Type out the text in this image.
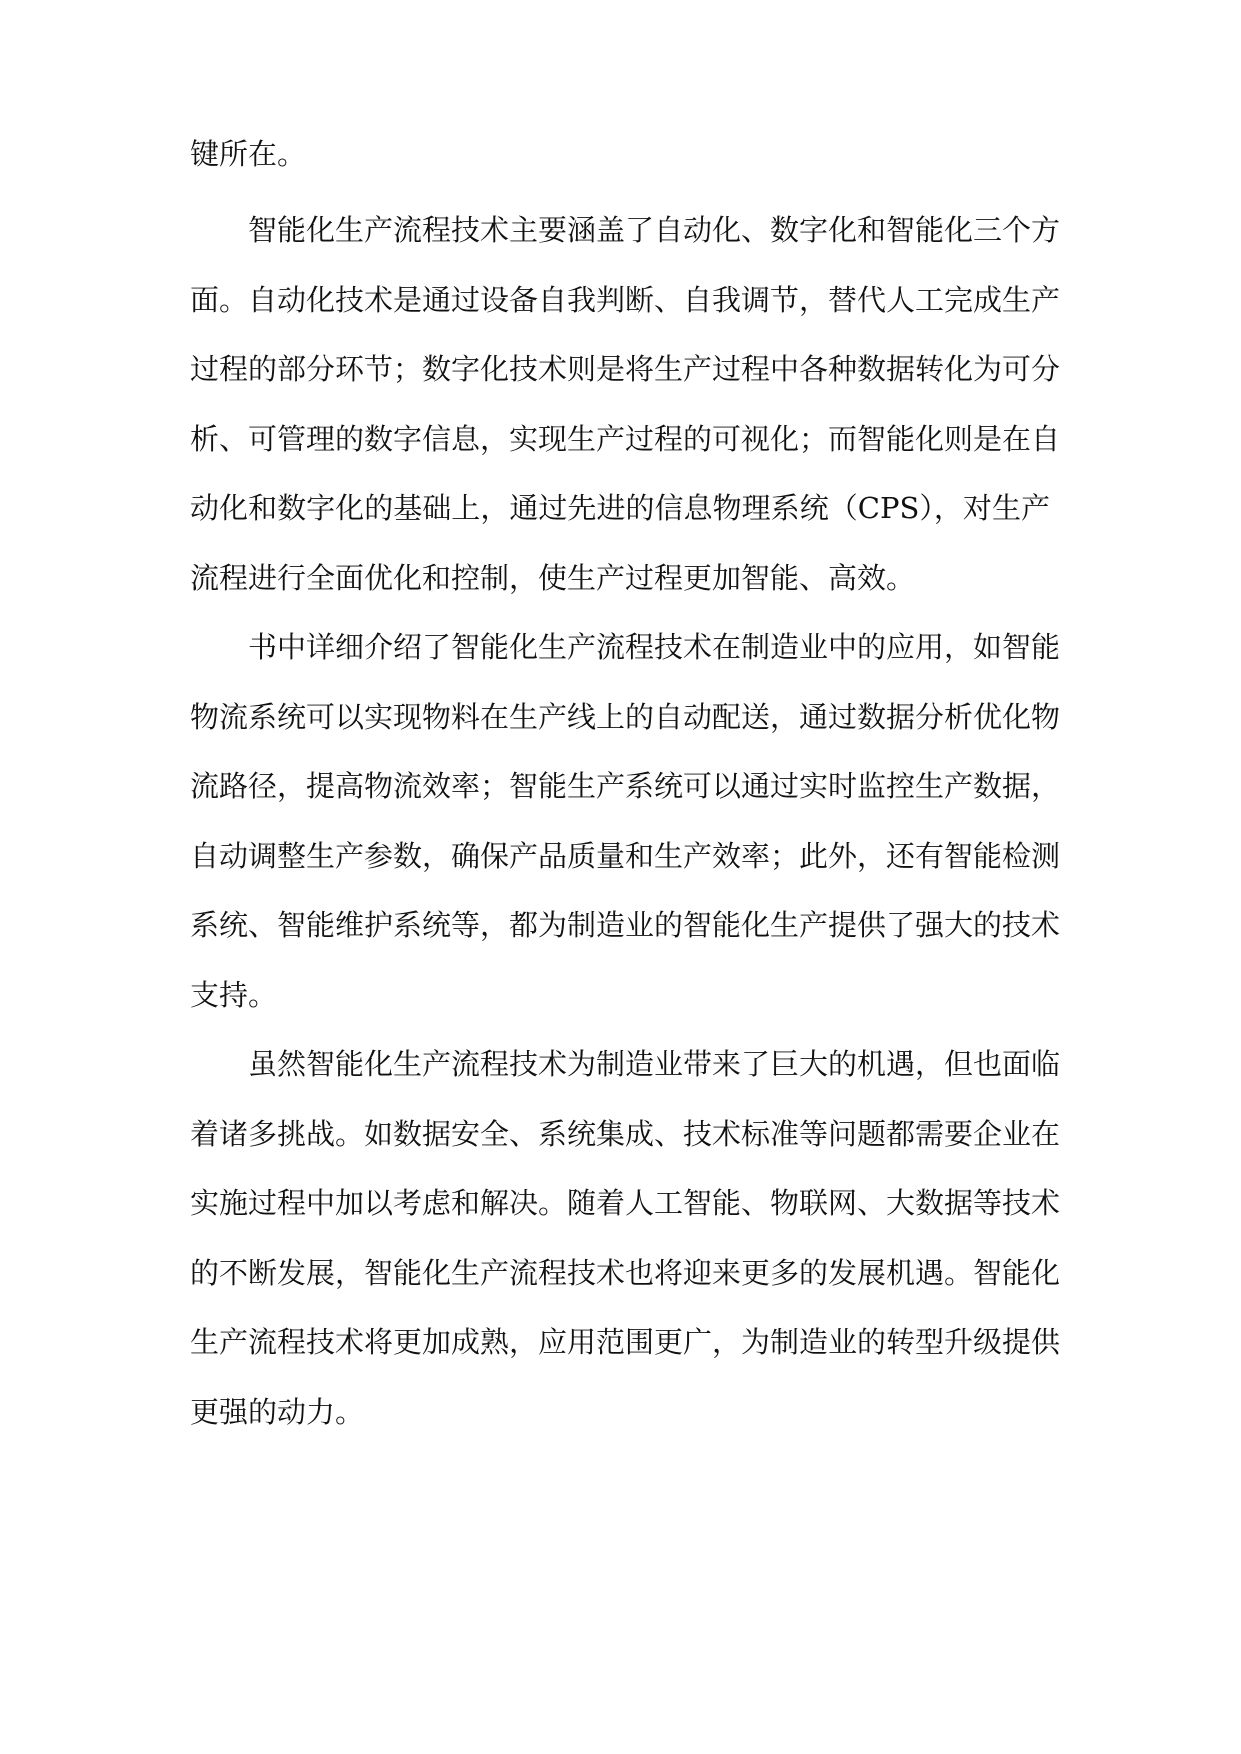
键所在。
智能化生产流程技术主要涵盖了自动化、数字化和智能化三个方
面。自动化技术是通过设备自我判断、自我调节，替代人工完成生产
过程的部分环节；数字化技术则是将生产过程中各种数据转化为可分
析、可管理的数字信息，实现生产过程的可视化；而智能化则是在自
动化和数字化的基础上，通过先进的信息物理系统（CPS），对生产
流程进行全面优化和控制，使生产过程更加智能、高效。
书中详细介绍了智能化生产流程技术在制造业中的应用，如智能
物流系统可以实现物料在生产线上的自动配送，通过数据分析优化物
流路径，提高物流效率；智能生产系统可以通过实时监控生产数据，
自动调整生产参数，确保产品质量和生产效率；此外，还有智能检测
系统、智能维护系统等，都为制造业的智能化生产提供了强大的技术
支持。
虽然智能化生产流程技术为制造业带来了巨大的机遇，但也面临
着诸多挑战。如数据安全、系统集成、技术标准等问题都需要企业在
实施过程中加以考虑和解决。随着人工智能、物联网、大数据等技术
的不断发展，智能化生产流程技术也将迎来更多的发展机遇。智能化
生产流程技术将更加成熟，应用范围更广，为制造业的转型升级提供
更强的动力。
